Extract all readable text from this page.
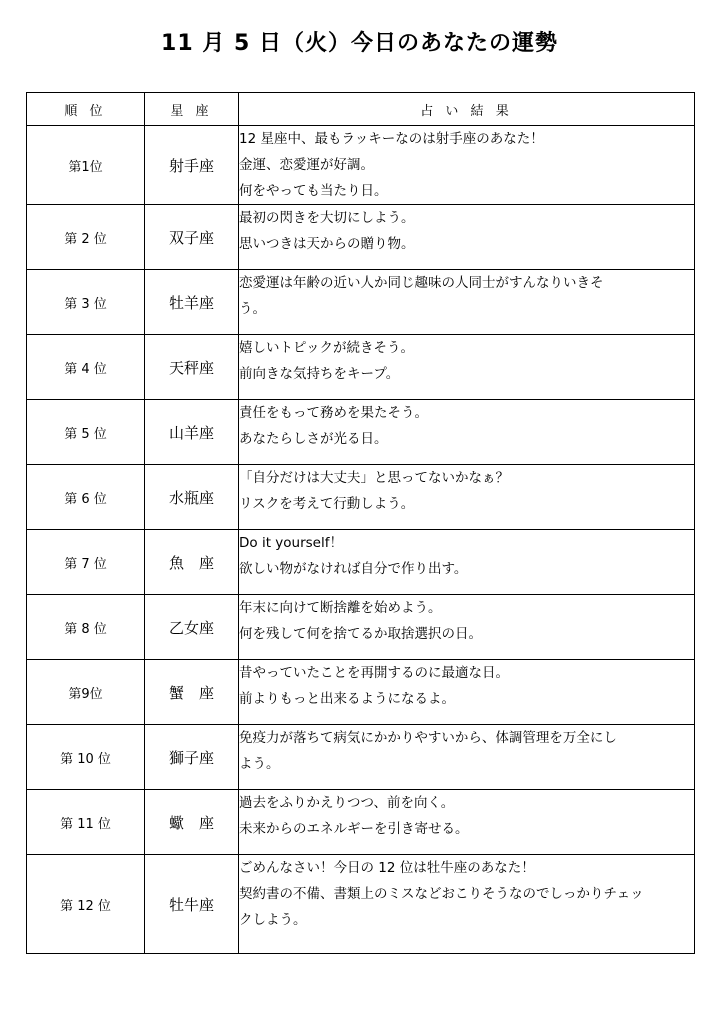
11 月 5 日（火）今日のあなたの運勢
順 位	星 座	占 い 結 果
第1位	射手座	12 星座中、最もラッキーなのは射手座のあなた！
金運、恋愛運が好調。
何をやっても当たり日。

第 2 位	双子座	最初の閃きを大切にしよう。
思いつきは天からの贈り物。

第 3 位	牡羊座	恋愛運は年齢の近い人か同じ趣味の人同士がすんなりいきそ
う。

第 4 位	天秤座	嬉しいトピックが続きそう。
前向きな気持ちをキープ。

第 5 位	山羊座	責任をもって務めを果たそう。
あなたらしさが光る日。

第 6 位	水瓶座	「自分だけは大丈夫」と思ってないかなぁ？
リスクを考えて行動しよう。

第 7 位	魚　座	Do it yourself！
欲しい物がなければ自分で作り出す。

第 8 位	乙女座	年末に向けて断捨離を始めよう。
何を残して何を捨てるか取捨選択の日。

第9位	蟹　座	昔やっていたことを再開するのに最適な日。
前よりもっと出来るようになるよ。

第 10 位	獅子座	免疫力が落ちて病気にかかりやすいから、体調管理を万全にし
よう。

第 11 位	蠍　座	過去をふりかえりつつ、前を向く。
未来からのエネルギーを引き寄せる。

第 12 位	牡牛座	ごめんなさい！今日の 12 位は牡牛座のあなた！
契約書の不備、書類上のミスなどおこりそうなのでしっかりチェッ
クしよう。
